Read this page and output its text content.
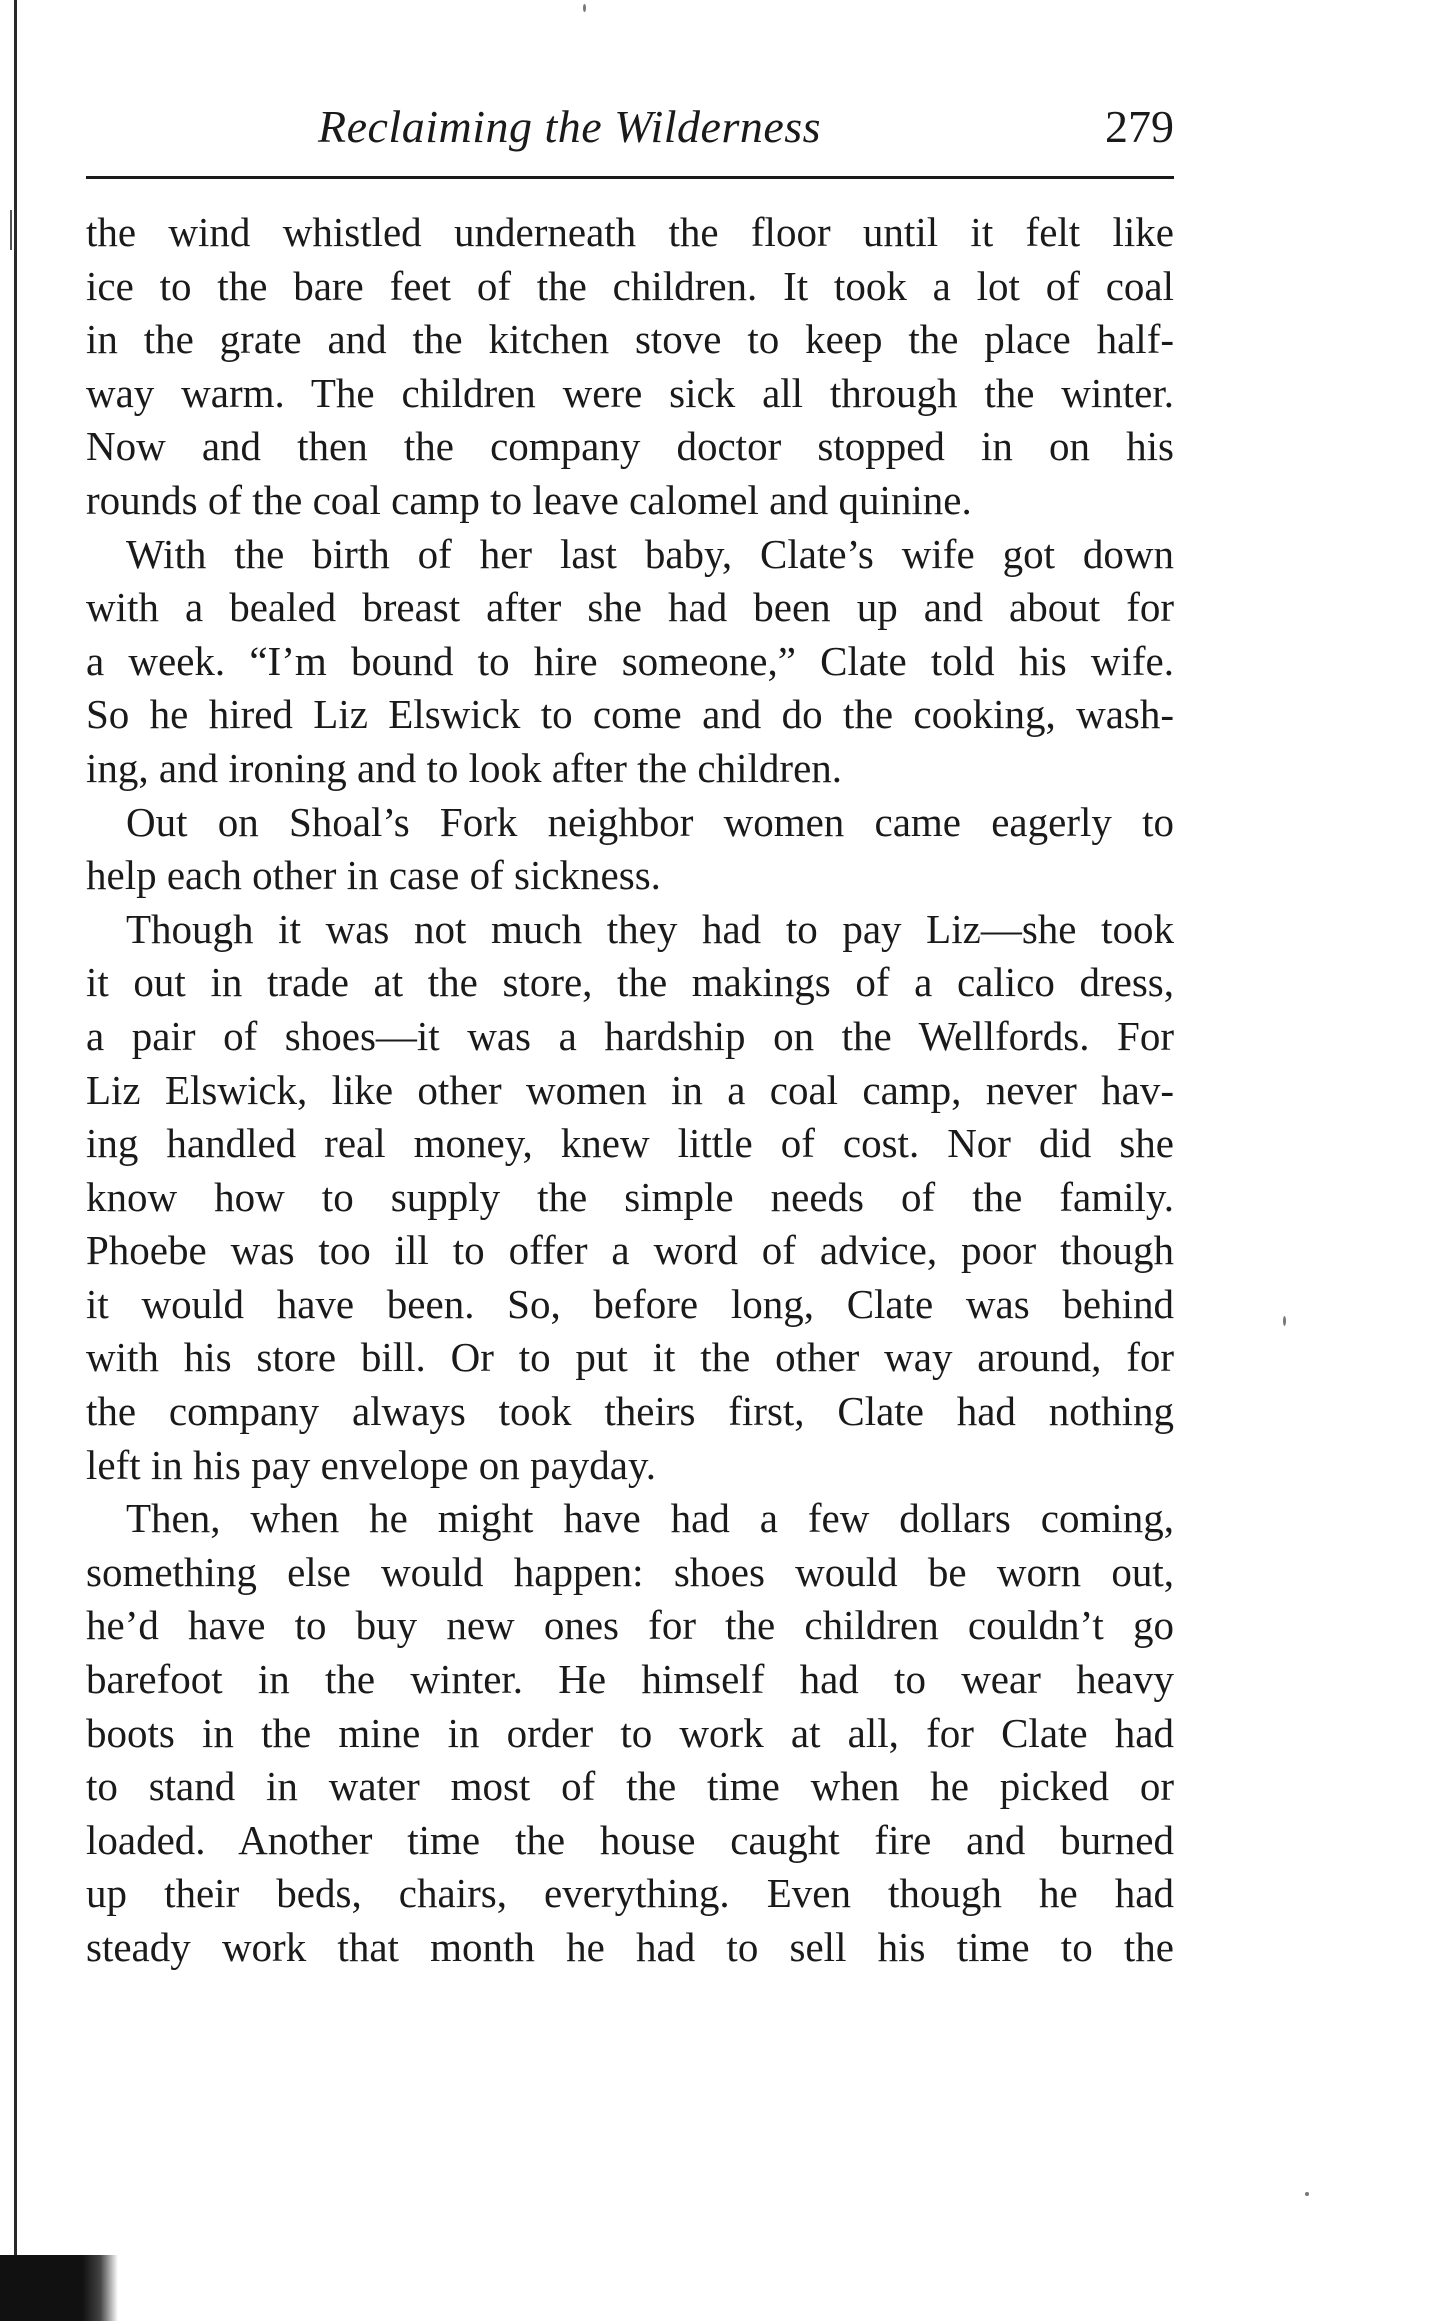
Reclaiming the Wilderness	279
the wind whistled underneath the floor until it felt like
ice to the bare feet of the children. It took a lot of coal
in the grate and the kitchen stove to keep the place half-
way warm. The children were sick all through the winter.
Now and then the company doctor stopped in on his
rounds of the coal camp to leave calomel and quinine.
With the birth of her last baby, Clate’s wife got down
with a bealed breast after she had been up and about for
a week. “I’m bound to hire someone,” Clate told his wife.
So he hired Liz Elswick to come and do the cooking, wash-
ing, and ironing and to look after the children.
Out on Shoal’s Fork neighbor women came eagerly to
help each other in case of sickness.
Though it was not much they had to pay Liz—she took
it out in trade at the store, the makings of a calico dress,
a pair of shoes—it was a hardship on the Wellfords. For
Liz Elswick, like other women in a coal camp, never hav-
ing handled real money, knew little of cost. Nor did she
know how to supply the simple needs of the family.
Phoebe was too ill to offer a word of advice, poor though
it would have been. So, before long, Clate was behind
with his store bill. Or to put it the other way around, for
the company always took theirs first, Clate had nothing
left in his pay envelope on payday.
Then, when he might have had a few dollars coming,
something else would happen: shoes would be worn out,
he’d have to buy new ones for the children couldn’t go
barefoot in the winter. He himself had to wear heavy
boots in the mine in order to work at all, for Clate had
to stand in water most of the time when he picked or
loaded. Another time the house caught fire and burned
up their beds, chairs, everything. Even though he had
steady work that month he had to sell his time to the
